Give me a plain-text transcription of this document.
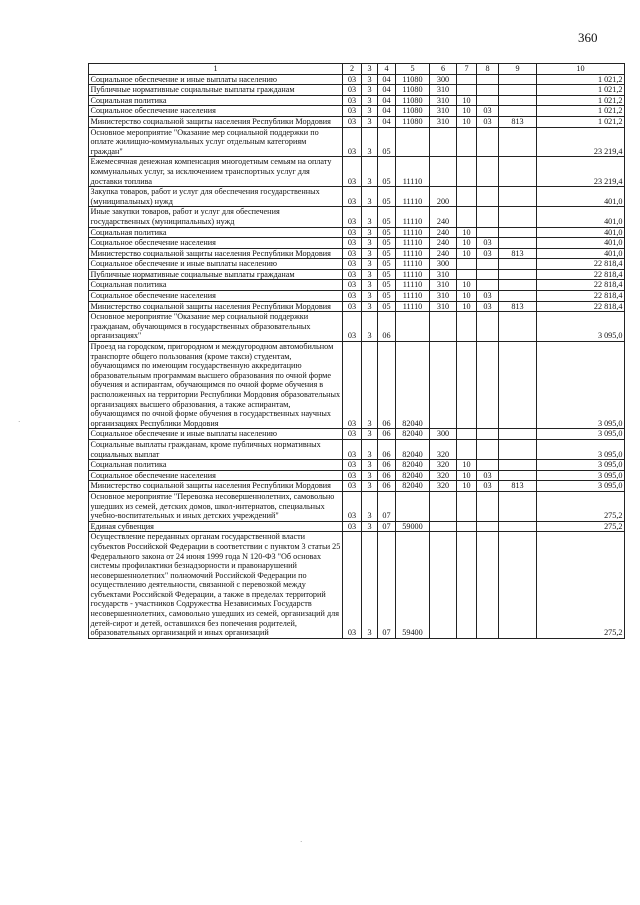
360
1	2	3	4	5	6	7	8	9	10
Социальное обеспечение и иные выплаты населению	03	3	04	11080	300				1 021,2
Публичные нормативные социальные выплаты гражданам	03	3	04	11080	310				1 021,2
Социальная политика	03	3	04	11080	310	10			1 021,2
Социальное обеспечение населения	03	3	04	11080	310	10	03		1 021,2
Министерство социальной защиты населения Республики Мордовия	03	3	04	11080	310	10	03	813	1 021,2
Основное мероприятие "Оказание мер социальной поддержки по оплате жилищно-коммунальных услуг отдельным категориям граждан"	03	3	05						23 219,4
Ежемесячная денежная компенсация многодетным семьям на оплату коммунальных услуг, за исключением транспортных услуг для доставки топлива	03	3	05	11110					23 219,4
Закупка товаров, работ и услуг для обеспечения государственных (муниципальных) нужд	03	3	05	11110	200				401,0
Иные закупки товаров, работ и услуг для обеспечения государственных (муниципальных) нужд	03	3	05	11110	240				401,0
Социальная политика	03	3	05	11110	240	10			401,0
Социальное обеспечение населения	03	3	05	11110	240	10	03		401,0
Министерство социальной защиты населения Республики Мордовия	03	3	05	11110	240	10	03	813	401,0
Социальное обеспечение и иные выплаты населению	03	3	05	11110	300				22 818,4
Публичные нормативные социальные выплаты гражданам	03	3	05	11110	310				22 818,4
Социальная политика	03	3	05	11110	310	10			22 818,4
Социальное обеспечение населения	03	3	05	11110	310	10	03		22 818,4
Министерство социальной защиты населения Республики Мордовия	03	3	05	11110	310	10	03	813	22 818,4
Основное мероприятие "Оказание мер социальной поддержки гражданам, обучающимся в государственных образовательных организациях"	03	3	06						3 095,0
Проезд на городском, пригородном и междугородном автомобильном транспорте общего пользования (кроме такси) студентам, обучающимся по имеющим государственную аккредитацию образовательным программам высшего образования по очной форме обучения и аспирантам, обучающимся по очной форме обучения в расположенных на территории Республики Мордовия образовательных организациях высшего образования, а также аспирантам, обучающимся по очной форме обучения в государственных научных организациях Республики Мордовия	03	3	06	82040					3 095,0
Социальное обеспечение и иные выплаты населению	03	3	06	82040	300				3 095,0
Социальные выплаты гражданам, кроме публичных нормативных социальных выплат	03	3	06	82040	320				3 095,0
Социальная политика	03	3	06	82040	320	10			3 095,0
Социальное обеспечение населения	03	3	06	82040	320	10	03		3 095,0
Министерство социальной защиты населения Республики Мордовия	03	3	06	82040	320	10	03	813	3 095,0
Основное мероприятие "Перевозка несовершеннолетних, самовольно ушедших из семей, детских домов, школ-интернатов, специальных учебно-воспитательных и иных детских учреждений"	03	3	07						275,2
Единая субвенция	03	3	07	59000					275,2
Осуществление переданных органам государственной власти субъектов Российской Федерации в соответствии с пунктом 3 статьи 25 Федерального закона от 24 июня 1999 года N 120-ФЗ "Об основах системы профилактики безнадзорности и правонарушений несовершеннолетних" полномочий Российской Федерации по осуществлению деятельности, связанной с перевозкой между субъектами Российской Федерации, а также в пределах территорий государств - участников Содружества Независимых Государств несовершеннолетних, самовольно ушедших из семей, организаций для детей-сирот и детей, оставшихся без попечения родителей, образовательных организаций и иных организаций	03	3	07	59400					275,2
·
·
